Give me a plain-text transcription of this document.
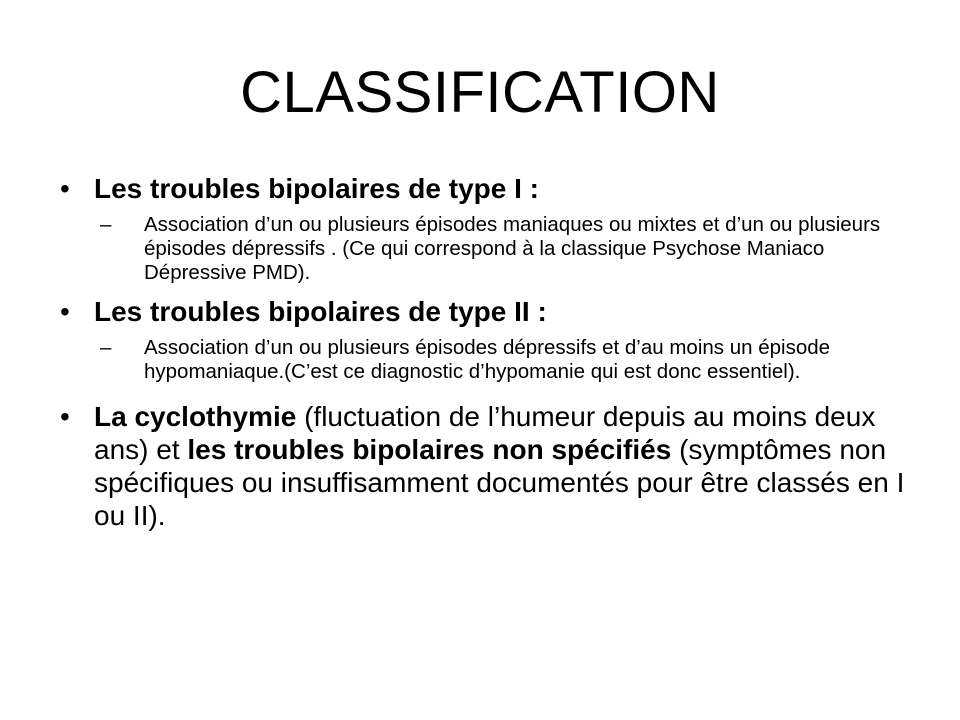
CLASSIFICATION
• Les troubles bipolaires de type I :
– Association d’un ou plusieurs épisodes maniaques ou mixtes et d’un ou plusieurs épisodes dépressifs . (Ce qui correspond à la classique Psychose Maniaco Dépressive PMD).
• Les troubles bipolaires de type II :
– Association d’un ou plusieurs épisodes dépressifs et d’au moins un épisode hypomaniaque.(C’est ce diagnostic d’hypomanie qui est donc essentiel).
• La cyclothymie (fluctuation de l’humeur depuis au moins deux ans) et les troubles bipolaires non spécifiés (symptômes non spécifiques ou insuffisamment documentés pour être classés en I ou II).
